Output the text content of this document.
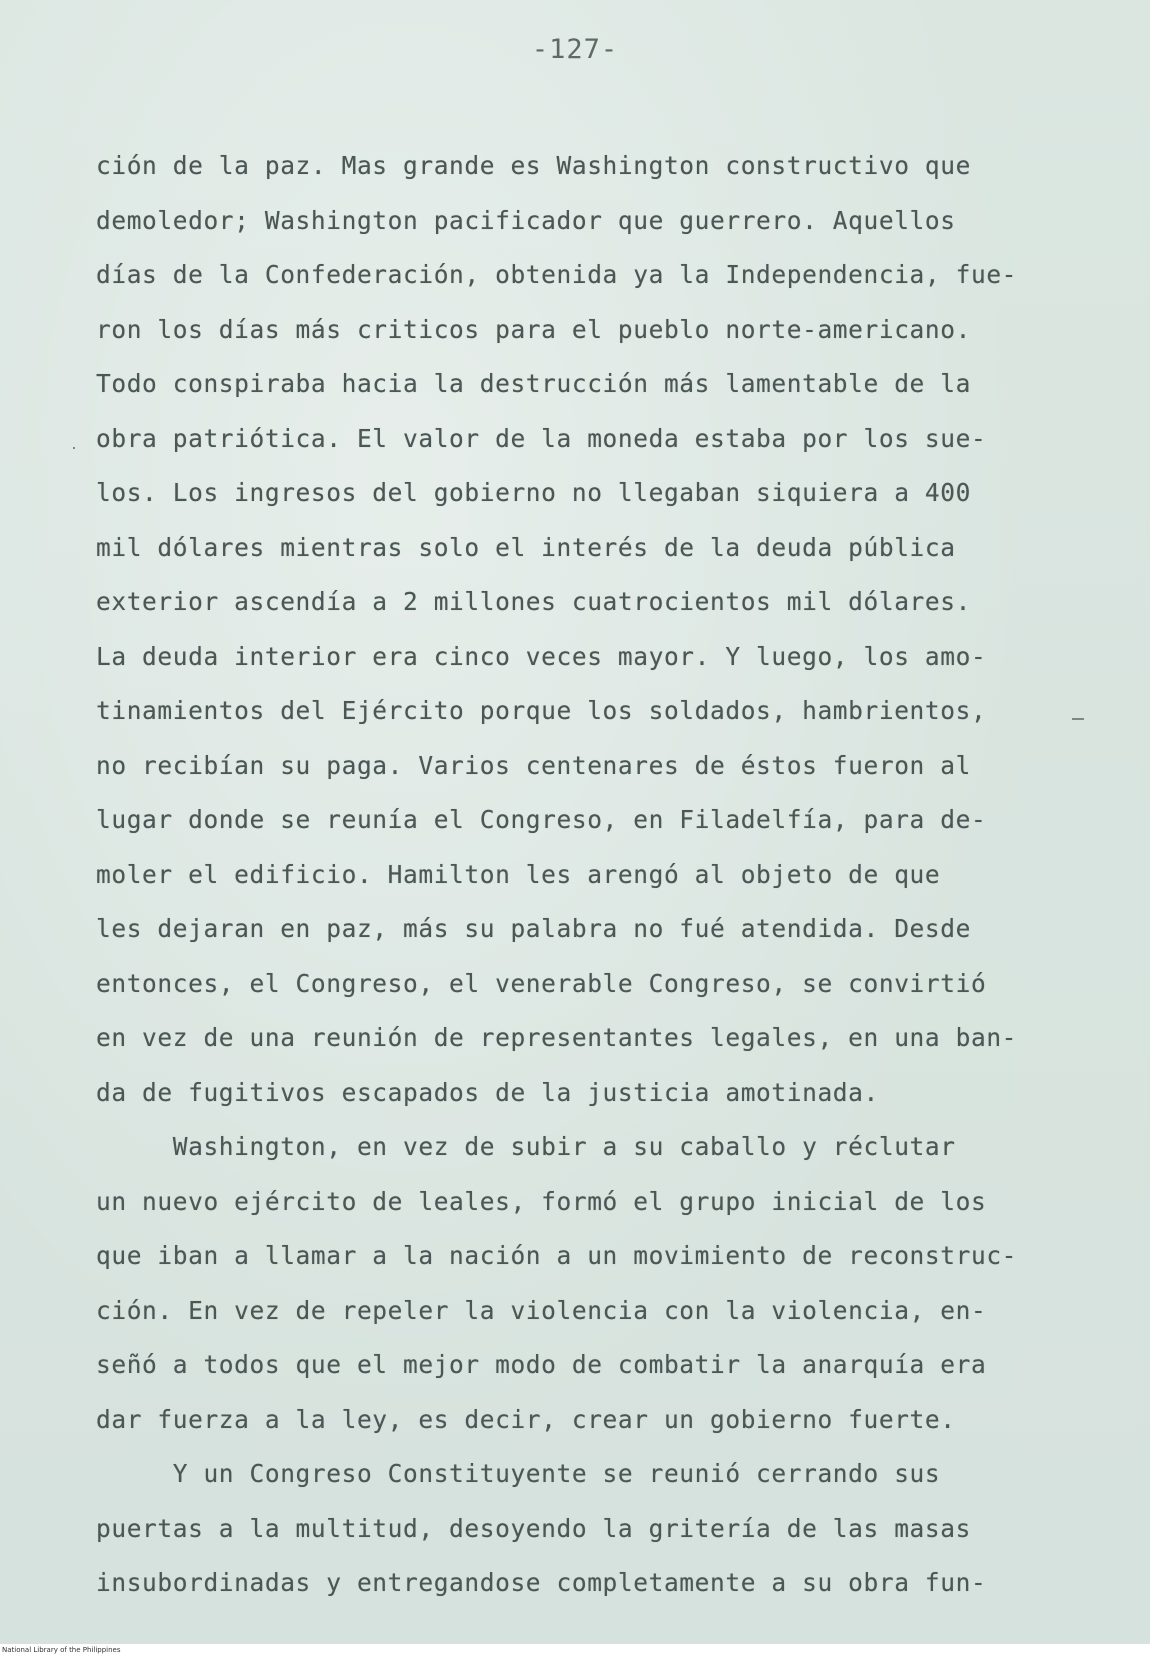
-127-
ción de la paz. Mas grande es Washington constructivo que
demoledor; Washington pacificador que guerrero. Aquellos
días de la Confederación, obtenida ya la Independencia, fue-
ron los días más criticos para el pueblo norte-americano.
Todo conspiraba hacia la destrucción más lamentable de la
obra patriótica. El valor de la moneda estaba por los sue-
los. Los ingresos del gobierno no llegaban siquiera a 400
mil dólares mientras solo el interés de la deuda pública
exterior ascendía a 2 millones cuatrocientos mil dólares.
La deuda interior era cinco veces mayor. Y luego, los amo-
tinamientos del Ejército porque los soldados, hambrientos,
no recibían su paga. Varios centenares de éstos fueron al
lugar donde se reunía el Congreso, en Filadelfía, para de-
moler el edificio. Hamilton les arengó al objeto de que
les dejaran en paz, más su palabra no fué atendida. Desde
entonces, el Congreso, el venerable Congreso, se convirtió
en vez de una reunión de representantes legales, en una ban-
da de fugitivos escapados de la justicia amotinada.
Washington, en vez de subir a su caballo y réclutar
un nuevo ejército de leales, formó el grupo inicial de los
que iban a llamar a la nación a un movimiento de reconstruc-
ción. En vez de repeler la violencia con la violencia, en-
señó a todos que el mejor modo de combatir la anarquía era
dar fuerza a la ley, es decir, crear un gobierno fuerte.
Y un Congreso Constituyente se reunió cerrando sus
puertas a la multitud, desoyendo la gritería de las masas
insubordinadas y entregandose completamente a su obra fun-
National Library of the Philippines
